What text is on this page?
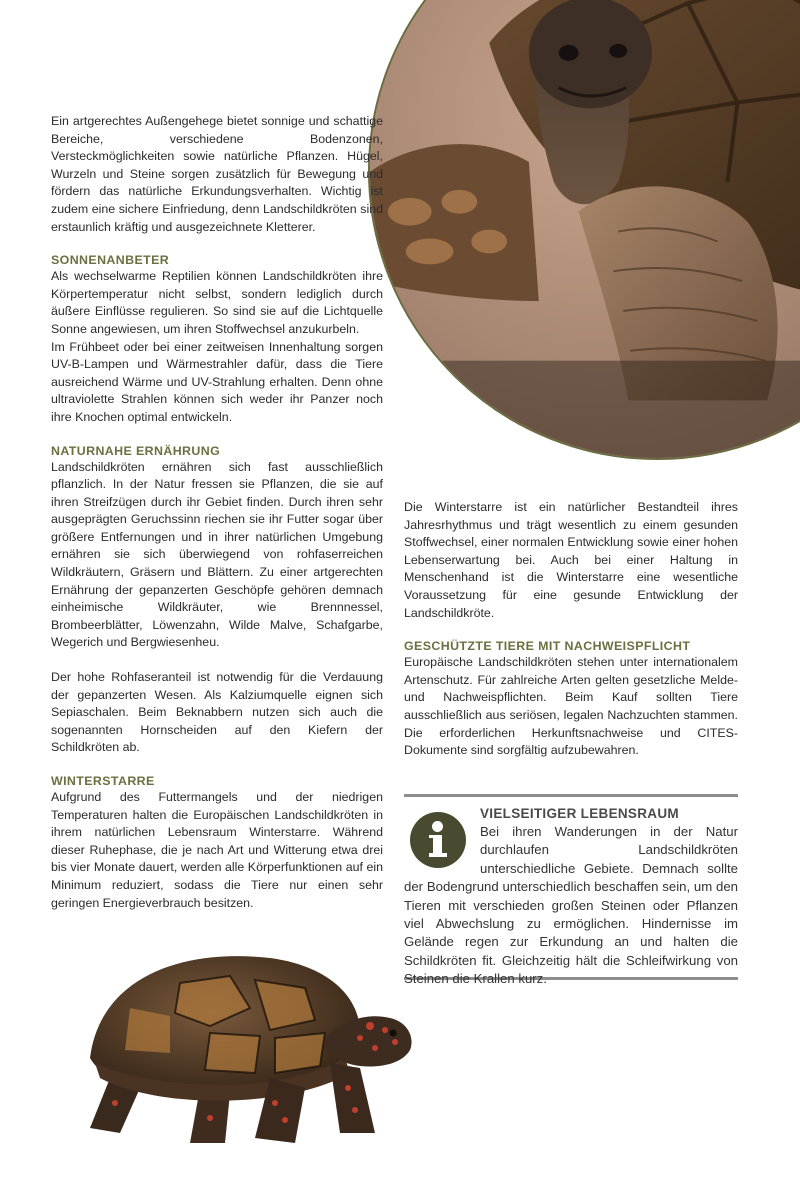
Ein artgerechtes Außengehege bietet sonnige und schattige Bereiche, verschiedene Bodenzonen, Versteckmöglichkeiten sowie natürliche Pflanzen. Hügel, Wurzeln und Steine sorgen zusätzlich für Bewegung und fördern das natürliche Erkundungsverhalten. Wichtig ist zudem eine sichere Einfriedung, denn Landschildkröten sind erstaunlich kräftig und ausgezeichnete Kletterer.

SONNENANBETER

Als wechselwarme Reptilien können Landschildkröten ihre Körpertemperatur nicht selbst, sondern lediglich durch äußere Einflüsse regulieren. So sind sie auf die Lichtquelle Sonne angewiesen, um ihren Stoffwechsel anzukurbeln.

Im Frühbeet oder bei einer zeitweisen Innenhaltung sorgen UV-B-Lampen und Wärmestrahler dafür, dass die Tiere ausreichend Wärme und UV-Strahlung erhalten. Denn ohne ultraviolette Strahlen können sich weder ihr Panzer noch ihre Knochen optimal entwickeln.

NATURNAHE ERNÄHRUNG

Landschildkröten ernähren sich fast ausschließlich pflanzlich. In der Natur fressen sie Pflanzen, die sie auf ihren Streifzügen durch ihr Gebiet finden. Durch ihren sehr ausgeprägten Geruchssinn riechen sie ihr Futter sogar über größere Entfernungen und in ihrer natürlichen Umgebung ernähren sie sich überwiegend von rohfaserreichen Wildkräutern, Gräsern und Blättern. Zu einer artgerechten Ernährung der gepanzerten Geschöpfe gehören demnach einheimische Wildkräuter, wie Brennnessel, Brombeerblätter, Löwenzahn, Wilde Malve, Schafgarbe, Wegerich und Bergwiesenheu.

Der hohe Rohfaseranteil ist notwendig für die Verdauung der gepanzerten Wesen. Als Kalziumquelle eignen sich Sepiaschalen. Beim Beknabbern nutzen sich auch die sogenannten Hornscheiden auf den Kiefern der Schildkröten ab.

WINTERSTARRE

Aufgrund des Futtermangels und der niedrigen Temperaturen halten die Europäischen Landschildkröten in ihrem natürlichen Lebensraum Winterstarre. Während dieser Ruhephase, die je nach Art und Witterung etwa drei bis vier Monate dauert, werden alle Körperfunktionen auf ein Minimum reduziert, sodass die Tiere nur einen sehr geringen Energieverbrauch besitzen.

Die Winterstarre ist ein natürlicher Bestandteil ihres Jahresrhythmus und trägt wesentlich zu einem gesunden Stoffwechsel, einer normalen Entwicklung sowie einer hohen Lebenserwartung bei. Auch bei einer Haltung in Menschenhand ist die Winterstarre eine wesentliche Voraussetzung für eine gesunde Entwicklung der Landschildkröte.

GESCHÜTZTE TIERE MIT NACHWEISPFLICHT

Europäische Landschildkröten stehen unter internationalem Artenschutz. Für zahlreiche Arten gelten gesetzliche Melde- und Nachweispflichten. Beim Kauf sollten Tiere ausschließlich aus seriösen, legalen Nachzuchten stammen. Die erforderlichen Herkunftsnachweise und CITES-Dokumente sind sorgfältig aufzubewahren.

VIELSEITIGER LEBENSRAUM

Bei ihren Wanderungen in der Natur durchlaufen Landschildkröten unterschiedliche Gebiete. Demnach sollte der Bodengrund unterschiedlich beschaffen sein, um den Tieren mit verschieden großen Steinen oder Pflanzen viel Abwechslung zu ermöglichen. Hindernisse im Gelände regen zur Erkundung an und halten die Schildkröten fit. Gleichzeitig hält die Schleifwirkung von Steinen die Krallen kurz.
